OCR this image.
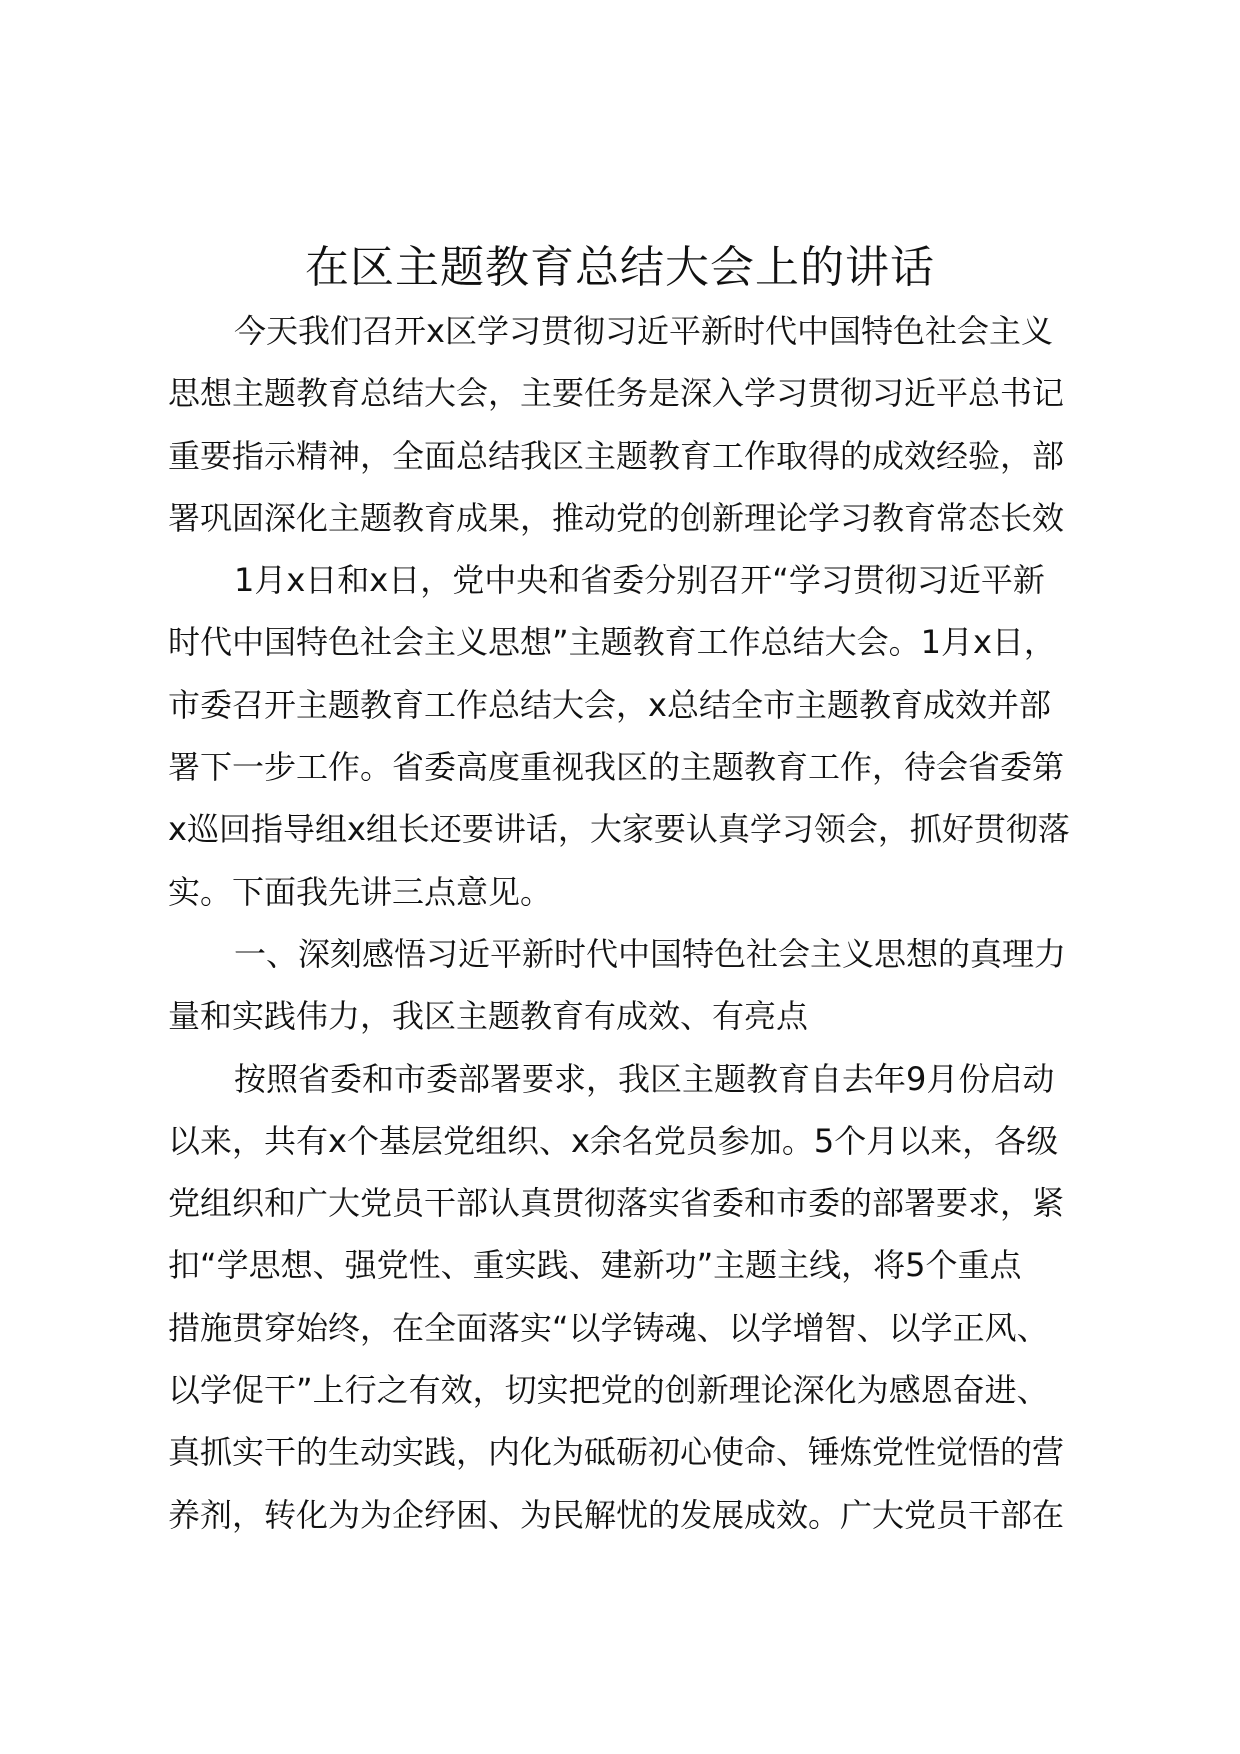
在区主题教育总结大会上的讲话
今天我们召开x区学习贯彻习近平新时代中国特色社会主义
思想主题教育总结大会，主要任务是深入学习贯彻习近平总书记
重要指示精神，全面总结我区主题教育工作取得的成效经验，部
署巩固深化主题教育成果，推动党的创新理论学习教育常态长效
1月x日和x日，党中央和省委分别召开“学习贯彻习近平新
时代中国特色社会主义思想”主题教育工作总结大会。1月x日，
市委召开主题教育工作总结大会，x总结全市主题教育成效并部
署下一步工作。省委高度重视我区的主题教育工作，待会省委第
x巡回指导组x组长还要讲话，大家要认真学习领会，抓好贯彻落
实。下面我先讲三点意见。
一、深刻感悟习近平新时代中国特色社会主义思想的真理力
量和实践伟力，我区主题教育有成效、有亮点
按照省委和市委部署要求，我区主题教育自去年9月份启动
以来，共有x个基层党组织、x余名党员参加。5个月以来，各级
党组织和广大党员干部认真贯彻落实省委和市委的部署要求，紧
扣“学思想、强党性、重实践、建新功”主题主线，将5个重点
措施贯穿始终，在全面落实“以学铸魂、以学增智、以学正风、
以学促干”上行之有效，切实把党的创新理论深化为感恩奋进、
真抓实干的生动实践，内化为砥砺初心使命、锤炼党性觉悟的营
养剂，转化为为企纾困、为民解忧的发展成效。广大党员干部在
